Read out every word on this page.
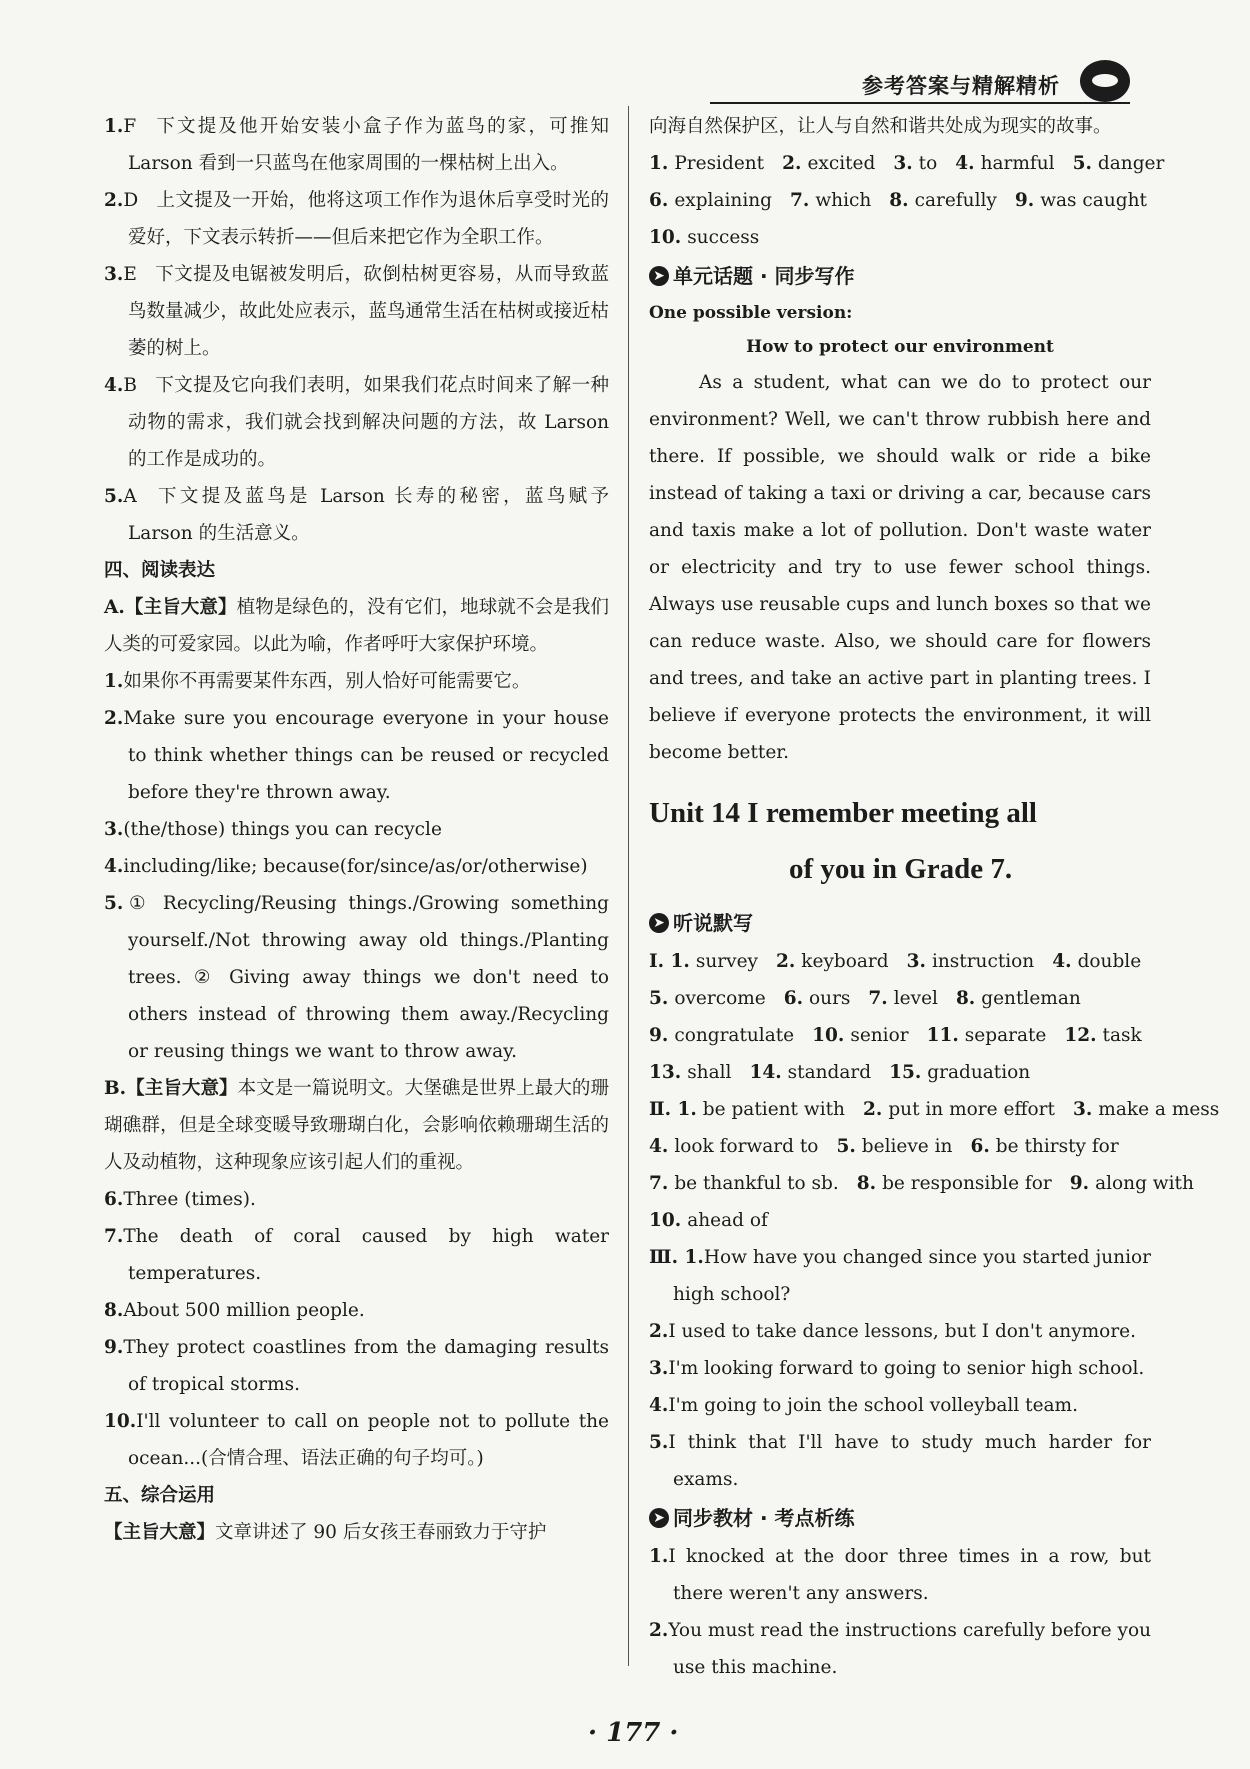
参考答案与精解精析
1.F 下文提及他开始安装小盒子作为蓝鸟的家，可推知 Larson 看到一只蓝鸟在他家周围的一棵枯树上出入。
2.D 上文提及一开始，他将这项工作作为退休后享受时光的爱好，下文表示转折——但后来把它作为全职工作。
3.E 下文提及电锯被发明后，砍倒枯树更容易，从而导致蓝鸟数量减少，故此处应表示，蓝鸟通常生活在枯树或接近枯萎的树上。
4.B 下文提及它向我们表明，如果我们花点时间来了解一种动物的需求，我们就会找到解决问题的方法，故 Larson 的工作是成功的。
5.A 下文提及蓝鸟是 Larson 长寿的秘密，蓝鸟赋予 Larson 的生活意义。
四、阅读表达
A.【主旨大意】植物是绿色的，没有它们，地球就不会是我们人类的可爱家园。以此为喻，作者呼吁大家保护环境。
1.如果你不再需要某件东西，别人恰好可能需要它。
2.Make sure you encourage everyone in your house to think whether things can be reused or recycled before they're thrown away.
3.(the/those) things you can recycle
4.including/like; because(for/since/as/or/otherwise)
5.① Recycling/Reusing things./Growing something yourself./Not throwing away old things./Planting trees. ② Giving away things we don't need to others instead of throwing them away./Recycling or reusing things we want to throw away.
B.【主旨大意】本文是一篇说明文。大堡礁是世界上最大的珊瑚礁群，但是全球变暖导致珊瑚白化，会影响依赖珊瑚生活的人及动植物，这种现象应该引起人们的重视。
6.Three (times).
7.The death of coral caused by high water temperatures.
8.About 500 million people.
9.They protect coastlines from the damaging results of tropical storms.
10.I'll volunteer to call on people not to pollute the ocean...(合情合理、语法正确的句子均可。)
五、综合运用
【主旨大意】文章讲述了 90 后女孩王春丽致力于守护
向海自然保护区，让人与自然和谐共处成为现实的故事。
1. President 2. excited 3. to 4. harmful 5. danger
6. explaining 7. which 8. carefully 9. was caught
10. success
➤ 单元话题 · 同步写作
One possible version:
How to protect our environment
As a student, what can we do to protect our environment? Well, we can't throw rubbish here and there. If possible, we should walk or ride a bike instead of taking a taxi or driving a car, because cars and taxis make a lot of pollution. Don't waste water or electricity and try to use fewer school things. Always use reusable cups and lunch boxes so that we can reduce waste. Also, we should care for flowers and trees, and take an active part in planting trees. I believe if everyone protects the environment, it will become better.
Unit 14 I remember meeting all
of you in Grade 7.
➤ 听说默写
Ⅰ. 1. survey 2. keyboard 3. instruction 4. double
5. overcome 6. ours 7. level 8. gentleman
9. congratulate 10. senior 11. separate 12. task
13. shall 14. standard 15. graduation
Ⅱ. 1. be patient with 2. put in more effort 3. make a mess
4. look forward to 5. believe in 6. be thirsty for
7. be thankful to sb. 8. be responsible for 9. along with
10. ahead of
Ⅲ. 1.How have you changed since you started junior high school?
2.I used to take dance lessons, but I don't anymore.
3.I'm looking forward to going to senior high school.
4.I'm going to join the school volleyball team.
5.I think that I'll have to study much harder for exams.
➤ 同步教材 · 考点析练
1.I knocked at the door three times in a row, but there weren't any answers.
2.You must read the instructions carefully before you use this machine.
· 177 ·
